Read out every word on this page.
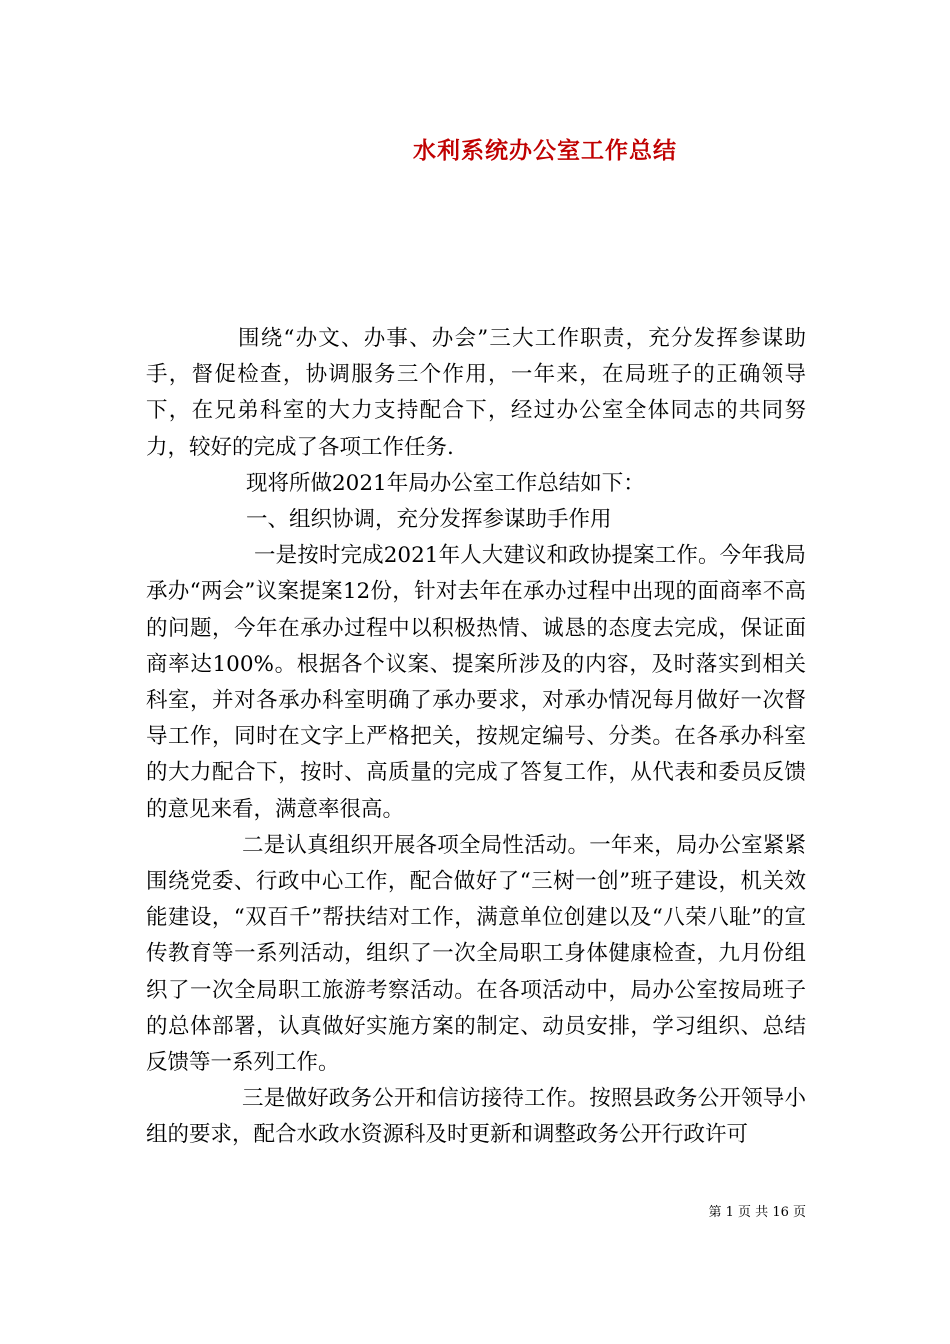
水利系统办公室工作总结

围绕“办文、办事、办会”三大工作职责，充分发挥参谋助手，督促检查，协调服务三个作用，一年来，在局班子的正确领导下，在兄弟科室的大力支持配合下，经过办公室全体同志的共同努力，较好的完成了各项工作任务.

现将所做2021年局办公室工作总结如下：

一、组织协调，充分发挥参谋助手作用

一是按时完成2021年人大建议和政协提案工作。今年我局承办“两会”议案提案12份，针对去年在承办过程中出现的面商率不高的问题，今年在承办过程中以积极热情、诚恳的态度去完成，保证面商率达100%。根据各个议案、提案所涉及的内容，及时落实到相关科室，并对各承办科室明确了承办要求，对承办情况每月做好一次督导工作，同时在文字上严格把关，按规定编号、分类。在各承办科室的大力配合下，按时、高质量的完成了答复工作，从代表和委员反馈的意见来看，满意率很高。

二是认真组织开展各项全局性活动。一年来，局办公室紧紧围绕党委、行政中心工作，配合做好了“三树一创”班子建设，机关效能建设，“双百千”帮扶结对工作，满意单位创建以及“八荣八耻”的宣传教育等一系列活动，组织了一次全局职工身体健康检查，九月份组织了一次全局职工旅游考察活动。在各项活动中，局办公室按局班子的总体部署，认真做好实施方案的制定、动员安排，学习组织、总结反馈等一系列工作。

三是做好政务公开和信访接待工作。按照县政务公开领导小组的要求，配合水政水资源科及时更新和调整政务公开行政许可

第 1 页 共 16 页
